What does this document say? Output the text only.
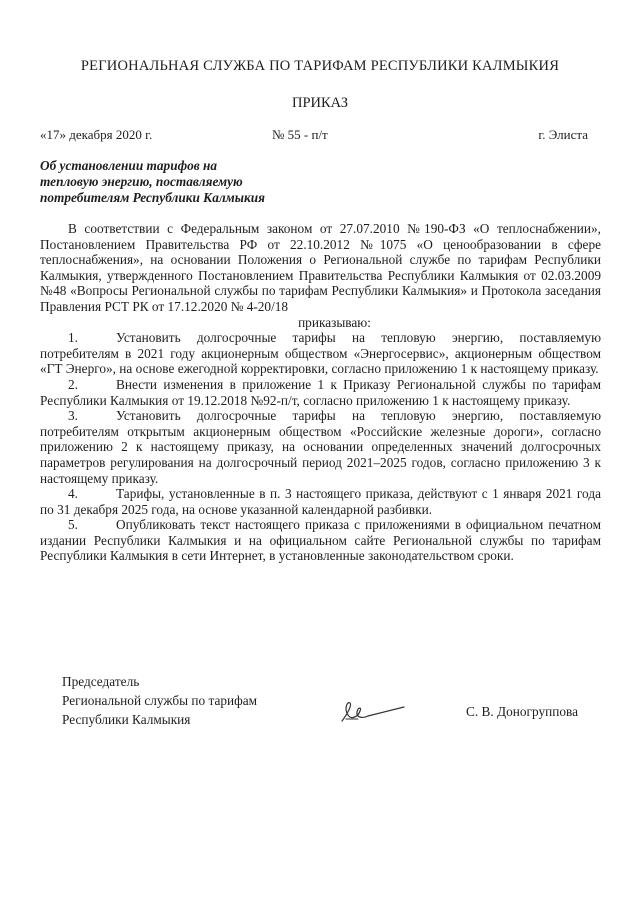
РЕГИОНАЛЬНАЯ СЛУЖБА ПО ТАРИФАМ РЕСПУБЛИКИ КАЛМЫКИЯ
ПРИКАЗ
«17» декабря 2020 г.	№ 55 - п/т	г. Элиста
Об установлении тарифов на
тепловую энергию, поставляемую
потребителям Республики Калмыкия

В соответствии с Федеральным законом от 27.07.2010 №190-ФЗ «О теплоснабжении», Постановлением Правительства РФ от 22.10.2012 №1075 «О ценообразовании в сфере теплоснабжения», на основании Положения о Региональной службе по тарифам Республики Калмыкия, утвержденного Постановлением Правительства Республики Калмыкия от 02.03.2009 №48 «Вопросы Региональной службы по тарифам Республики Калмыкия» и Протокола заседания Правления РСТ РК от 17.12.2020 № 4-20/18

приказываю:

1.	Установить долгосрочные тарифы на тепловую энергию, поставляемую потребителям в 2021 году акционерным обществом «Энергосервис», акционерным обществом «ГТ Энерго», на основе ежегодной корректировки, согласно приложению 1 к настоящему приказу.

2.	Внести изменения в приложение 1 к Приказу Региональной службы по тарифам Республики Калмыкия от 19.12.2018 №92-п/т, согласно приложению 1 к настоящему приказу.

3.	Установить долгосрочные тарифы на тепловую энергию, поставляемую потребителям открытым акционерным обществом «Российские железные дороги», согласно приложению 2 к настоящему приказу, на основании определенных значений долгосрочных параметров регулирования на долгосрочный период 2021–2025 годов, согласно приложению 3 к настоящему приказу.

4.	Тарифы, установленные в п. 3 настоящего приказа, действуют с 1 января 2021 года по 31 декабря 2025 года, на основе указанной календарной разбивки.

5.	Опубликовать текст настоящего приказа с приложениями в официальном печатном издании Республики Калмыкия и на официальном сайте Региональной службы по тарифам Республики Калмыкия в сети Интернет, в установленные законодательством сроки.

Председатель
Региональной службы по тарифам
Республики Калмыкия
С. В. Доногруппова
